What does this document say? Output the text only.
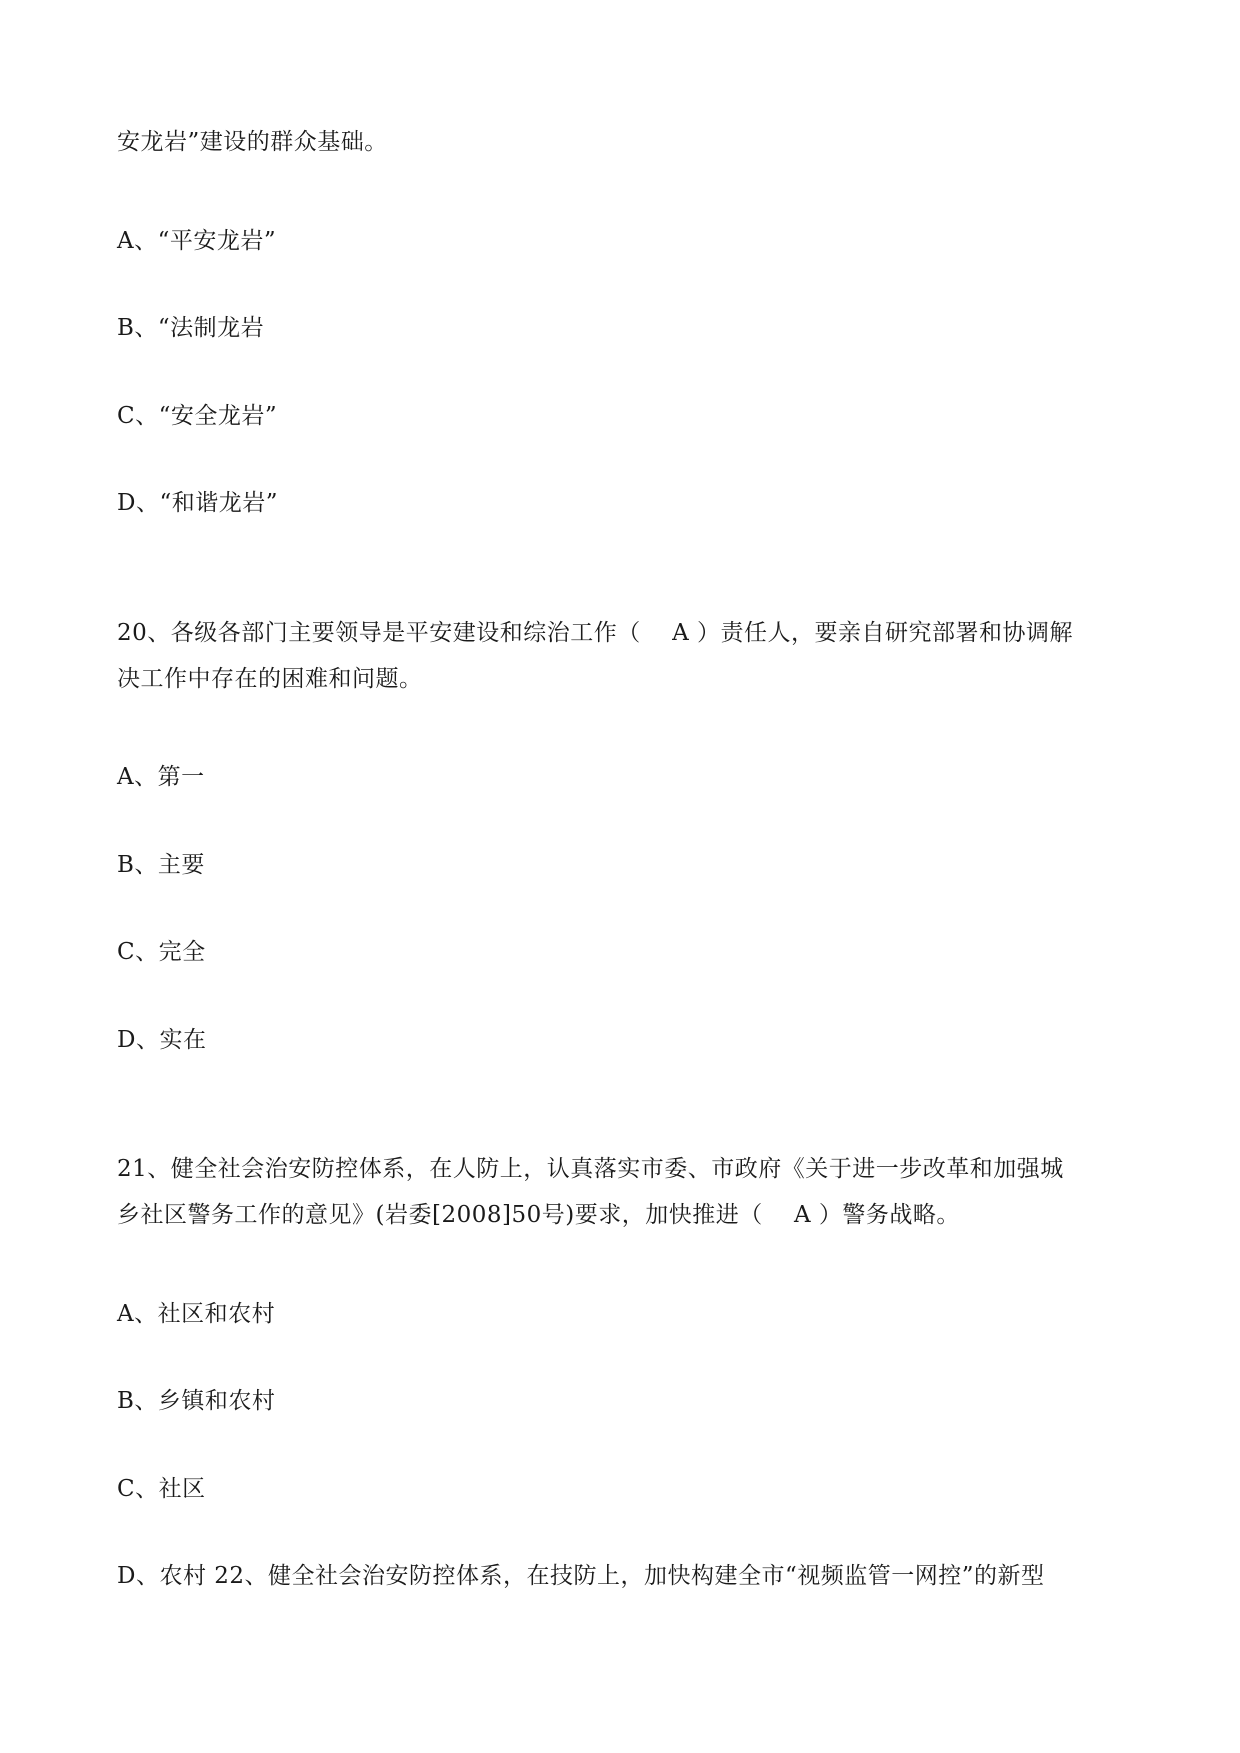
安龙岩”建设的群众基础。
A、“平安龙岩”
B、“法制龙岩
C、“安全龙岩”
D、“和谐龙岩”
20、各级各部门主要领导是平安建设和综治工作（　 A ）责任人，要亲自研究部署和协调解
决工作中存在的困难和问题。
A、第一
B、主要
C、完全
D、实在
21、健全社会治安防控体系，在人防上，认真落实市委、市政府《关于进一步改革和加强城
乡社区警务工作的意见》(岩委[2008]50号)要求，加快推进（　 A ）警务战略。
A、社区和农村
B、乡镇和农村
C、社区
D、农村 22、健全社会治安防控体系，在技防上，加快构建全市“视频监管一网控”的新型
